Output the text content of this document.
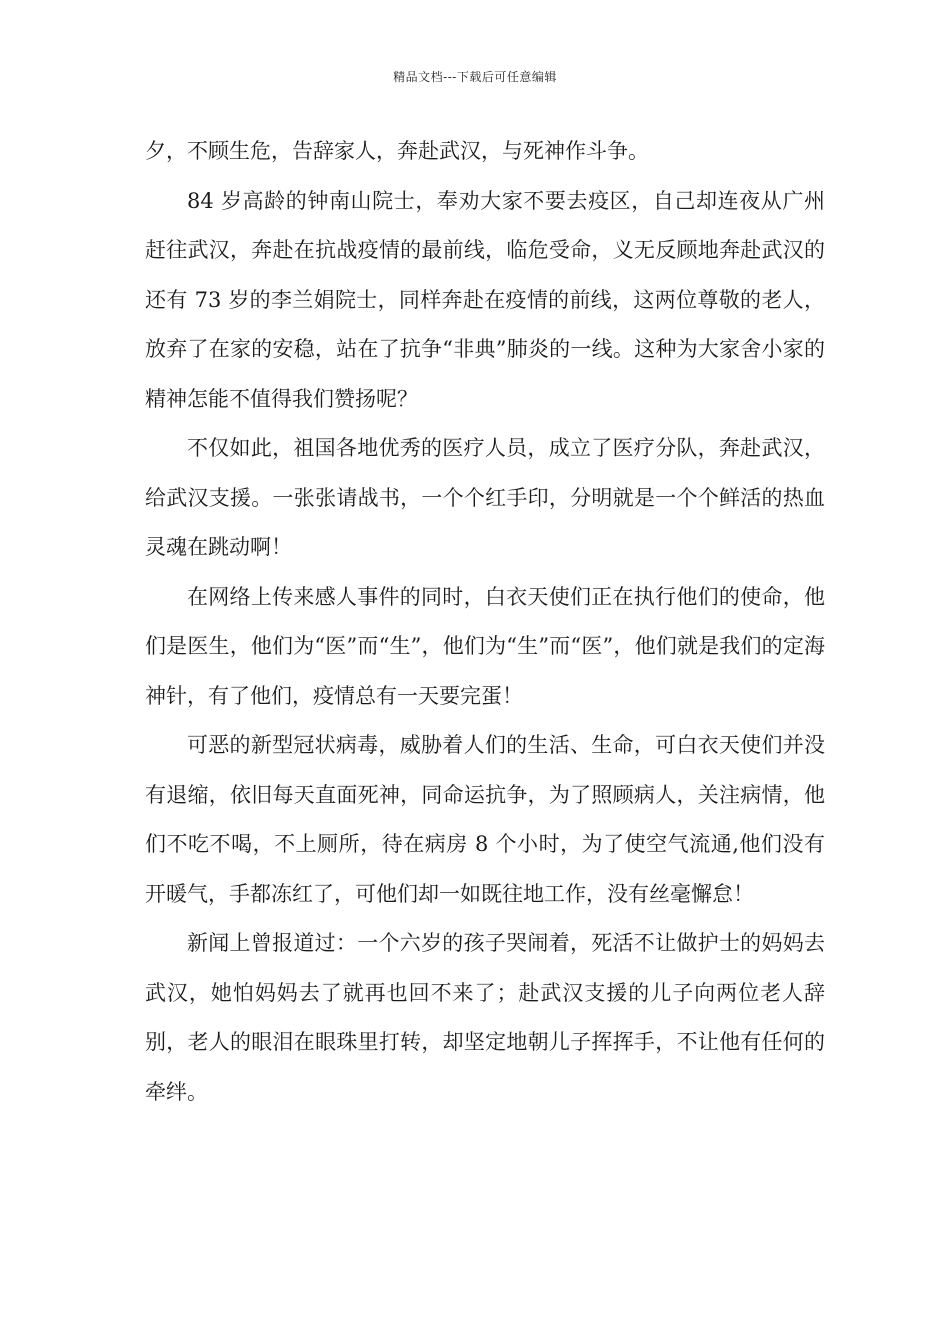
精品文档---下载后可任意编辑

夕，不顾生危，告辞家人，奔赴武汉，与死神作斗争。

84 岁高龄的钟南山院士，奉劝大家不要去疫区，自己却连夜从广州赶往武汉，奔赴在抗战疫情的最前线，临危受命，义无反顾地奔赴武汉的还有 73 岁的李兰娟院士，同样奔赴在疫情的前线，这两位尊敬的老人，放弃了在家的安稳，站在了抗争“非典”肺炎的一线。这种为大家舍小家的精神怎能不值得我们赞扬呢？

不仅如此，祖国各地优秀的医疗人员，成立了医疗分队，奔赴武汉，给武汉支援。一张张请战书，一个个红手印，分明就是一个个鲜活的热血灵魂在跳动啊！

在网络上传来感人事件的同时，白衣天使们正在执行他们的使命，他们是医生，他们为“医”而“生”，他们为“生”而“医”，他们就是我们的定海神针，有了他们，疫情总有一天要完蛋！

可恶的新型冠状病毒，威胁着人们的生活、生命，可白衣天使们并没有退缩，依旧每天直面死神，同命运抗争，为了照顾病人，关注病情，他们不吃不喝，不上厕所，待在病房 8 个小时，为了使空气流通,他们没有开暖气，手都冻红了，可他们却一如既往地工作，没有丝毫懈怠！

新闻上曾报道过：一个六岁的孩子哭闹着，死活不让做护士的妈妈去武汉，她怕妈妈去了就再也回不来了；赴武汉支援的儿子向两位老人辞别，老人的眼泪在眼珠里打转，却坚定地朝儿子挥挥手，不让他有任何的牵绊。
